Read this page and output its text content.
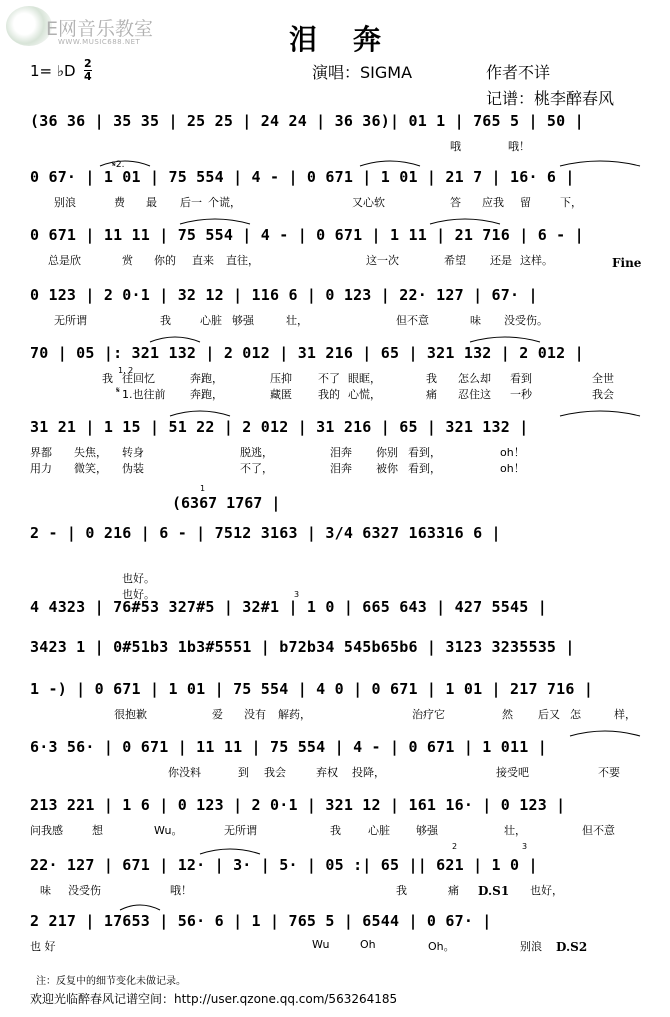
E网音乐教室
WWW.MUSIC688.NET	泪奔
1= ♭D 2
4	演唱：SIGMA	作者不详
记谱：桃李醉春风
(36 36 | 35 35 | 25 25 | 24 24 | 36 36)| 01 1 | 765 5 | 50 |
哦	哦！
0 67· | 1 01 | 75 554 | 4 - | 0 671 | 1 01 | 21 7 | 16· 6 |
别浪	费 最 后一 个谎，	又心软	答 应我 留	下，
0 671 | 11 11 | 75 554 | 4 - | 0 671 | 1 11 | 21 716 | 6 - |
总是欣	赏 你的 直来 直往，	这一次	希望 还是 这样。
0 123 | 2 0·1 | 32 12 | 116 6 | 0 123 | 22· 127 | 67· |
无所谓	我	心脏 够强	壮，	但不意	味 没受伤。
70 | 05 |: 321 132 | 2 012 | 31 216 | 65 | 321 132 | 2 012 |
我 往回忆	奔跑，	压抑 不了 眼眶，	我 怎么却 看到	全世
31 21 | 1 15 | 51 22 | 2 012 | 31 216 | 65 | 321 132 |
界都 失焦， 转身	脱逃，	泪奔 你别 看到，	oh！
2 - | 0 216 | 6 - | 7512 3163 | 3/4 6327 163316 6 |
也好。
4 4323 | 76#53 327#5 | 32#1 | 1 0 | 665 643 | 427 5545 |
3423 1 | 0#51b3 1b3#5551 | b72b34 545b65b6 | 3123 3235535 |
1 -) | 0 671 | 1 01 | 75 554 | 4 0 | 0 671 | 1 01 | 217 716 |
很抱歉	爱 没有 解药，	治疗它	然 后又 怎	样，
6·3 56· | 0 671 | 11 11 | 75 554 | 4 - | 0 671 | 1 011 |
你没料	到 我会	弃权 投降，	接受吧	不要
213 221 | 1 6 | 0 123 | 2 0·1 | 321 12 | 161 16· | 0 123 |
问我感	想	Wu。	无所谓	我 心脏 够强	壮，	但不意
22· 127 | 671 | 12· | 3· | 5· | 05 :| 65 || 621 | 1 0 |
味 没受伤	哦！	我	痛	也好，
2 217 | 17653 | 56· 6 | 1 | 765 5 | 6544 | 0 67· |
也 好	Wu	Oh	Oh。	别浪
1.也往前 奔跑，	藏匿 我的 心慌，	痛 忍住这 一秒	我会
用力 微笑， 伪装	不了，	泪奔 被你 看到，	oh！
也好。
𝄋2.
𝄋
1. 2
1
2	3
3
(6367 1767 |
Fine
D.S1
D.S2
注：反复中的细节变化未做记录。
欢迎光临醉春风记谱空间：http://user.qzone.qq.com/563264185
